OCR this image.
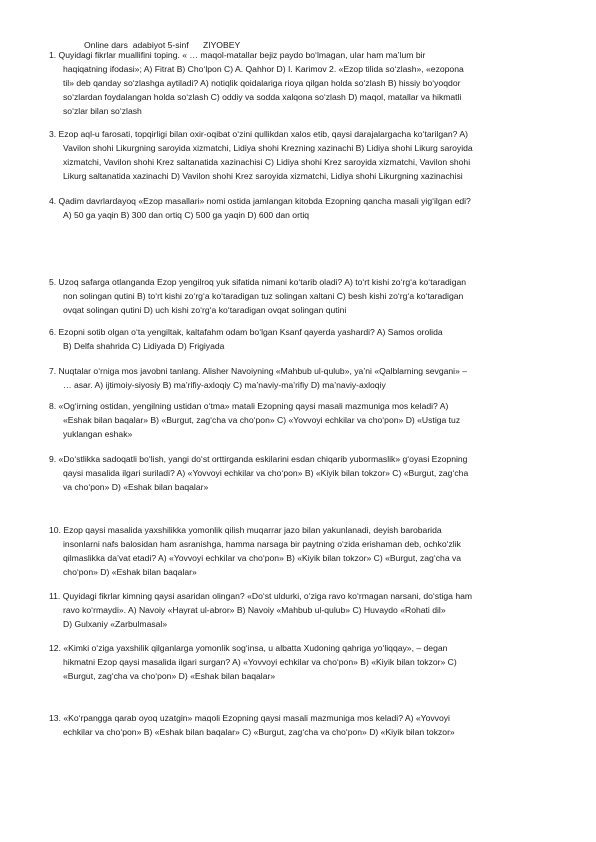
Online dars  adabiyot 5-sinf      ZIYOBEY
1. Quyidagi fikrlar muallifini toping. « … maqol-matallar bejiz paydo bo‘lmagan, ular ham ma’lum bir
haqiqatning ifodasi»; A) Fitrat B) Cho‘lpon C) A. Qahhor D) I. Karimov 2. «Ezop tilida so‘zlash», «ezopona
til» deb qanday so‘zlashga aytiladi? A) notiqlik qoidalariga rioya qilgan holda so‘zlash B) hissiy bo‘yoqdor
so‘zlardan foydalangan holda so‘zlash C) oddiy va sodda xalqona so‘zlash D) maqol, matallar va hikmatli
so‘zlar bilan so‘zlash
3. Ezop aql-u farosati, topqirligi bilan oxir-oqibat o‘zini qullikdan xalos etib, qaysi darajalargacha ko‘tarilgan? A)
Vavilon shohi Likurgning saroyida xizmatchi, Lidiya shohi Krezning xazinachi B) Lidiya shohi Likurg saroyida
xizmatchi, Vavilon shohi Krez saltanatida xazinachisi C) Lidiya shohi Krez saroyida xizmatchi, Vavilon shohi
Likurg saltanatida xazinachi D) Vavilon shohi Krez saroyida xizmatchi, Lidiya shohi Likurgning xazinachisi
4. Qadim davrlardayoq «Ezop masallari» nomi ostida jamlangan kitobda Ezopning qancha masali yig‘ilgan edi?
A) 50 ga yaqin B) 300 dan ortiq C) 500 ga yaqin D) 600 dan ortiq
5. Uzoq safarga otlanganda Ezop yengilroq yuk sifatida nimani ko‘tarib oladi? A) to‘rt kishi zo‘rg‘a ko‘taradigan
non solingan qutini B) to‘rt kishi zo‘rg‘a ko‘taradigan tuz solingan xaltani C) besh kishi zo‘rg‘a ko‘taradigan
ovqat solingan qutini D) uch kishi zo‘rg‘a ko‘taradigan ovqat solingan qutini
6. Ezopni sotib olgan o‘ta yengiltak, kaltafahm odam bo‘lgan Ksanf qayerda yashardi? A) Samos orolida
B) Delfa shahrida C) Lidiyada D) Frigiyada
7. Nuqtalar o‘rniga mos javobni tanlang. Alisher Navoiyning «Mahbub ul-qulub», ya’ni «Qalblarning sevgani» –
… asar. A) ijtimoiy-siyosiy B) ma’rifiy-axloqiy C) ma’naviy-ma’rifiy D) ma’naviy-axloqiy
8. «Og‘irning ostidan, yengilning ustidan o‘tma» matali Ezopning qaysi masali mazmuniga mos keladi? A)
«Eshak bilan baqalar» B) «Burgut, zag‘cha va cho‘pon» C) «Yovvoyi echkilar va cho‘pon» D) «Ustiga tuz
yuklangan eshak»
9. «Do‘stlikka sadoqatli bo‘lish, yangi do‘st orttirganda eskilarini esdan chiqarib yubormaslik» g‘oyasi Ezopning
qaysi masalida ilgari suriladi? A) «Yovvoyi echkilar va cho‘pon» B) «Kiyik bilan tokzor» C) «Burgut, zag‘cha
va cho‘pon» D) «Eshak bilan baqalar»
10. Ezop qaysi masalida yaxshilikka yomonlik qilish muqarrar jazo bilan yakunlanadi, deyish barobarida
insonlarni nafs balosidan ham asranishga, hamma narsaga bir paytning o‘zida erishaman deb, ochko‘zlik
qilmaslikka da’vat etadi? A) «Yovvoyi echkilar va cho‘pon» B) «Kiyik bilan tokzor» C) «Burgut, zag‘cha va
cho‘pon» D) «Eshak bilan baqalar»
11. Quyidagi fikrlar kimning qaysi asaridan olingan? «Do‘st uldurki, o‘ziga ravo ko‘rmagan narsani, do‘stiga ham
ravo ko‘rmaydi». A) Navoiy «Hayrat ul-abror» B) Navoiy «Mahbub ul-qulub» C) Huvaydo «Rohati dil»
D) Gulxaniy «Zarbulmasal»
12. «Kimki o‘ziga yaxshilik qilganlarga yomonlik sog‘insa, u albatta Xudoning qahriga yo‘liqqay», – degan
hikmatni Ezop qaysi masalida ilgari surgan? A) «Yovvoyi echkilar va cho‘pon» B) «Kiyik bilan tokzor» C)
«Burgut, zag‘cha va cho‘pon» D) «Eshak bilan baqalar»
13. «Ko‘rpangga qarab oyoq uzatgin» maqoli Ezopning qaysi masali mazmuniga mos keladi? A) «Yovvoyi
echkilar va cho‘pon» B) «Eshak bilan baqalar» C) «Burgut, zag‘cha va cho‘pon» D) «Kiyik bilan tokzor»
